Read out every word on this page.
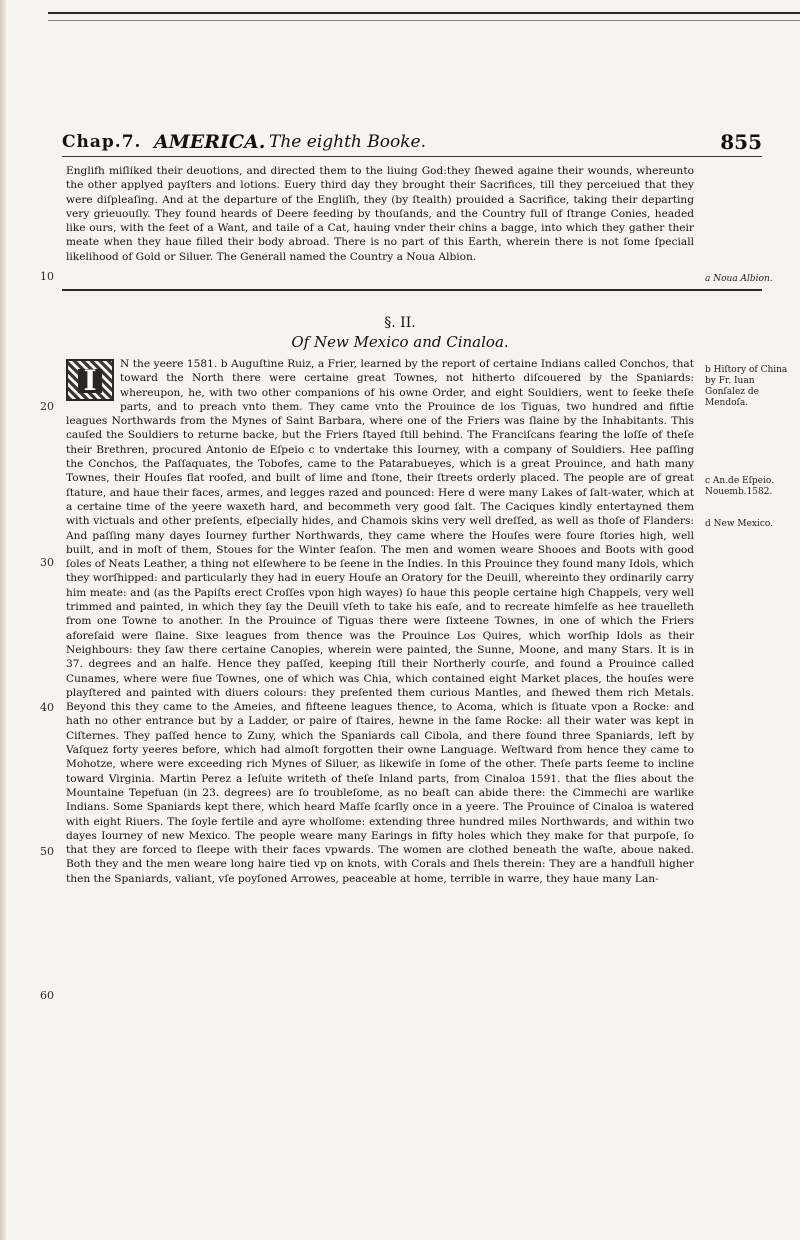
Chap.7. AMERICA. The eighth Booke.	855
Englifh miſliked their deuotions, and directed them to the liuing God:they ſhewed againe their wounds, whereunto the other applyed payſters and lotions. Euery third day they brought their Sacrifices, till they perceiued that they were diſpleaſing. And at the departure of the Engliſh, they (by ſtealth) prouided a Sacrifice, taking their departing very grieuouſly. They found heards of Deere feeding by thouſands, and the Country full of ſtrange Conies, headed like ours, with the feet of a Want, and taile of a Cat, hauing vnder their chins a bagge, into which they gather their meate when they haue filled their body abroad. There is no part of this Earth, wherein there is not ſome ſpeciall likelihood of Gold or Siluer. The Generall named the Country a Noua Albion.
§. II.
Of New Mexico and Cinaloa.
I	N the yeere 1581. b Auguſtine Ruiz, a Frier, learned by the report of certaine Indians called Conchos, that toward the North there were certaine great Townes, not hitherto diſcouered by the Spaniards: whereupon, he, with two other companions of his owne Order, and eight Souldiers, went to ſeeke theſe parts, and to preach vnto them. They came vnto the Prouince de los Tiguas, two hundred and fiftie leagues Northwards from the Mynes of Saint Barbara, where one of the Friers was ſlaine by the Inhabitants. This cauſed the Souldiers to returne backe, but the Friers ſtayed ſtill behind. The Franciſcans fearing the loſſe of theſe their Brethren, procured Antonio de Eſpeio c to vndertake this Iourney, with a company of Souldiers. Hee paſſing the Conchos, the Paſſaquates, the Tobofes, came to the Patarabueyes, which is a great Prouince, and hath many Townes, their Houſes flat roofed, and built of lime and ſtone, their ſtreets orderly placed. The people are of great ſtature, and haue their faces, armes, and legges razed and pounced: Here d were many Lakes of ſalt-water, which at a certaine time of the yeere waxeth hard, and becommeth very good ſalt. The Caciques kindly entertayned them with victuals and other preſents, eſpecially hides, and Chamois skins very well dreſſed, as well as thoſe of Flanders: And paſſing many dayes Iourney further Northwards, they came where the Houſes were foure ſtories high, well built, and in moſt of them, Stoues for the Winter ſeaſon. The men and women weare Shooes and Boots with good ſoles of Neats Leather, a thing not elſewhere to be ſeene in the Indies. In this Prouince they found many Idols, which they worſhipped: and particularly they had in euery Houſe an Oratory for the Deuill, whereinto they ordinarily carry him meate: and (as the Papiſts erect Croſſes vpon high wayes) ſo haue this people certaine high Chappels, very well trimmed and painted, in which they ſay the Deuill vſeth to take his eaſe, and to recreate himſelfe as hee trauelleth from one Towne to another. In the Prouince of Tiguas there were ſixteene Townes, in one of which the Friers aforeſaid were ſlaine. Sixe leagues from thence was the Prouince Los Quires, which worſhip Idols as their Neighbours: they ſaw there certaine Canopies, wherein were painted, the Sunne, Moone, and many Stars. It is in 37. degrees and an halfe. Hence they paſſed, keeping ſtill their Northerly courſe, and found a Prouince called Cunames, where were fiue Townes, one of which was Chia, which contained eight Market places, the houſes were playſtered and painted with diuers colours: they preſented them curious Mantles, and ſhewed them rich Metals. Beyond this they came to the Ameies, and fifteene leagues thence, to Acoma, which is ſituate vpon a Rocke: and hath no other entrance but by a Ladder, or paire of ſtaires, hewne in the ſame Rocke: all their water was kept in Ciſternes. They paſſed hence to Zuny, which the Spaniards call Cibola, and there found three Spaniards, left by Vaſquez forty yeeres before, which had almoſt forgotten their owne Language. Weſtward from hence they came to Mohotze, where were exceeding rich Mynes of Siluer, as likewiſe in ſome of the other. Theſe parts ſeeme to incline toward Virginia. Martin Perez a Ieſuite writeth of theſe Inland parts, from Cinaloa 1591. that the flies about the Mountaine Tepefuan (in 23. degrees) are ſo troubleſome, as no beaſt can abide there: the Cimmechi are warlike Indians. Some Spaniards kept there, which heard Maſſe ſcarſly once in a yeere. The Prouince of Cinaloa is watered with eight Riuers. The ſoyle fertile and ayre wholſome: extending three hundred miles Northwards, and within two dayes Iourney of new Mexico. The people weare many Earings in fifty holes which they make for that purpoſe, ſo that they are forced to ſleepe with their faces vpwards. The women are clothed beneath the waſte, aboue naked. Both they and the men weare long haire tied vp on knots, with Corals and ſhels therein: They are a handfull higher then the Spaniards, valiant, vſe poyſoned Arrowes, peaceable at home, terrible in warre, they haue many Lan-
10
20
30
40
50
60
a Noua Albion.
b Hiſtory of China by Fr. Iuan Gonſalez de Mendoſa.
c An.de Eſpeio. Nouemb.1582.
d New Mexico.
